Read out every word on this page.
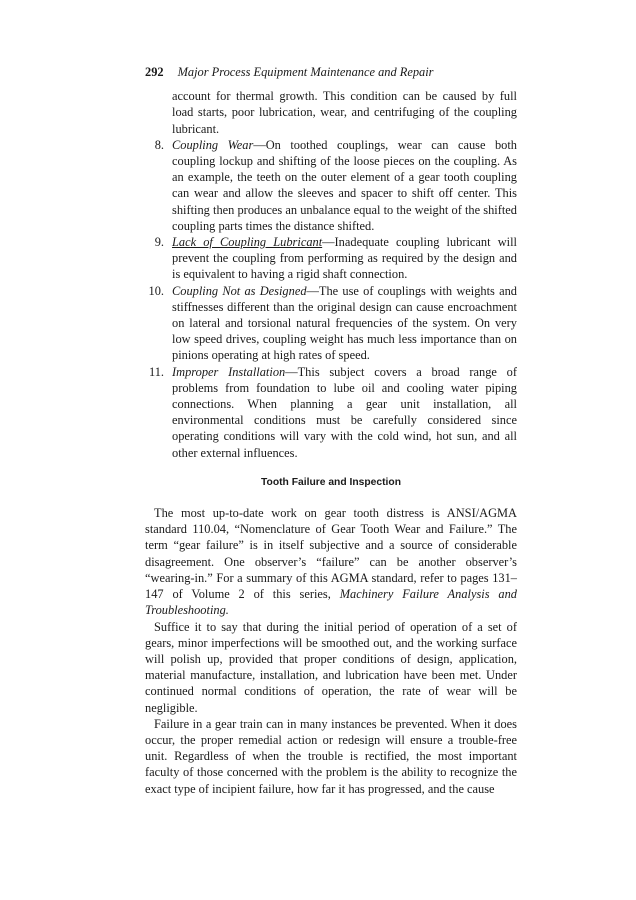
292 Major Process Equipment Maintenance and Repair
account for thermal growth. This condition can be caused by full load starts, poor lubrication, wear, and centrifuging of the coupling lubricant.
8. Coupling Wear—On toothed couplings, wear can cause both coupling lockup and shifting of the loose pieces on the coupling. As an example, the teeth on the outer element of a gear tooth coupling can wear and allow the sleeves and spacer to shift off center. This shifting then produces an unbalance equal to the weight of the shifted coupling parts times the distance shifted.
9. Lack of Coupling Lubricant—Inadequate coupling lubricant will prevent the coupling from performing as required by the design and is equivalent to having a rigid shaft connection.
10. Coupling Not as Designed—The use of couplings with weights and stiffnesses different than the original design can cause encroachment on lateral and torsional natural frequencies of the system. On very low speed drives, coupling weight has much less importance than on pinions operating at high rates of speed.
11. Improper Installation—This subject covers a broad range of problems from foundation to lube oil and cooling water piping connections. When planning a gear unit installation, all environmental conditions must be carefully considered since operating conditions will vary with the cold wind, hot sun, and all other external influences.
Tooth Failure and Inspection

The most up-to-date work on gear tooth distress is ANSI/AGMA standard 110.04, “Nomenclature of Gear Tooth Wear and Failure.” The term “gear failure” is in itself subjective and a source of considerable disagreement. One observer’s “failure” can be another observer’s “wearing-in.” For a summary of this AGMA standard, refer to pages 131–147 of Volume 2 of this series, Machinery Failure Analysis and Troubleshooting.

Suffice it to say that during the initial period of operation of a set of gears, minor imperfections will be smoothed out, and the working surface will polish up, provided that proper conditions of design, application, material manufacture, installation, and lubrication have been met. Under continued normal conditions of operation, the rate of wear will be negligible.

Failure in a gear train can in many instances be prevented. When it does occur, the proper remedial action or redesign will ensure a trouble-free unit. Regardless of when the trouble is rectified, the most important faculty of those concerned with the problem is the ability to recognize the exact type of incipient failure, how far it has progressed, and the cause
